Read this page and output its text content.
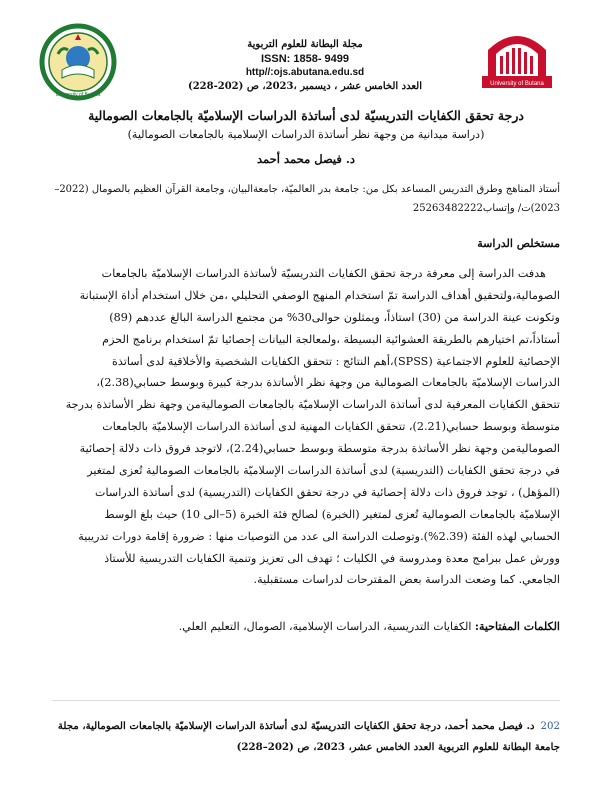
University of Butana
University of Butana
مجلة البطانة للعلوم التربوية
ISSN: 1858- 9499
http//:ojs.abutana.edu.sd
العدد الخامس عشر ، ديسمبر ،2023، ص (202-228)
درجة تحقق الكفايات التدريسيّة لدى أساتذة الدراسات الإسلاميّة بالجامعات الصومالية
(دراسة ميدانية من وجهة نظر أساتذة الدراسات الإسلامية بالجامعات الصومالية)
د. فيصل محمد أحمد
أستاذ المناهج وطرق التدريس المساعد بكل من: جامعة بدر العالميّة، جامعةالبيان، وجامعة القرآن العظيم بالصومال (2022–
2023)ت/ وإتساب25263482222
مستخلص الدراسة
هدفت الدراسة إلى معرفة درجة تحقق الكفايات التدريسيّة لأساتذة الدراسات الإسلاميّة بالجامعات
الصومالية،ولتحقيق أهداف الدراسة تمّ استخدام المنهج الوصفي التحليلي ،من خلال استخدام أداة الإستبانة
وتكونت عينة الدراسة من (30) استاذاً، ويمثلون حوالى30% من مجتمع الدراسة البالغ عددهم (89)
أستاذاً،تم اختيارهم بالطريقة العشوائية البسيطة ،ولمعالجة البيانات إحصائيا تمّ استخدام برنامج الحزم
الإحصائية للعلوم الاجتماعية (SPSS)،أهم النتائج : تتحقق الكفايات الشخصية والأخلاقية لدى أساتذة
الدراسات الإسلاميّة بالجامعات الصومالية من وجهة نظر الأساتذة بدرجة كبيرة وبوسط حسابي(2.38)،
تتحقق الكفايات المعرفية لدى أساتذة الدراسات الإسلاميّة بالجامعات الصوماليةمن وجهة نظر الأساتذة بدرجة
متوسطة وبوسط حسابي(2.21)، تتحقق الكفايات المهنية لدى أساتذة الدراسات الإسلاميّة بالجامعات
الصوماليةمن وجهة نظر الأساتذة بدرجة متوسطة وبوسط حسابي(2.24)، لاتوجد فروق ذات دلالة إحصائية
في درجة تحقق الكفايات (التدريسية) لدى أساتذة الدراسات الإسلاميّة بالجامعات الصومالية تُعزى لمتغير
(المؤهل) ، توجد فروق ذات دلالة إحصائية في درجة تحقق الكفايات (التدريسية) لدى أساتذة الدراسات
الإسلاميّة بالجامعات الصومالية تُعزى لمتغير (الخبرة) لصالح فئة الخبرة (5–الى 10) حيث بلغ الوسط
الحسابي لهذه الفئة (2.39%).وتوصلت الدراسة الى عدد من التوصيات منها : ضرورة إقامة دورات تدريبية
وورش عمل ببرامج معدة ومدروسة في الكليات ؛ تهدف الى تعزيز وتنمية الكفايات التدريسية للأستاذ
الجامعي. كما وضعت الدراسة بعض المقترحات لدراسات مستقبلية.
الكلمات المفتاحية: الكفايات التدريسية، الدراسات الإسلامية، الصومال، التعليم العلي.
202د. فيصل محمد أحمد، درجة تحقق الكفايات التدريسيّة لدى أساتذة الدراسات الإسلاميّة بالجامعات الصومالية، مجلة
جامعة البطانة للعلوم التربوية العدد الخامس عشر، 2023، ص (202–228)
